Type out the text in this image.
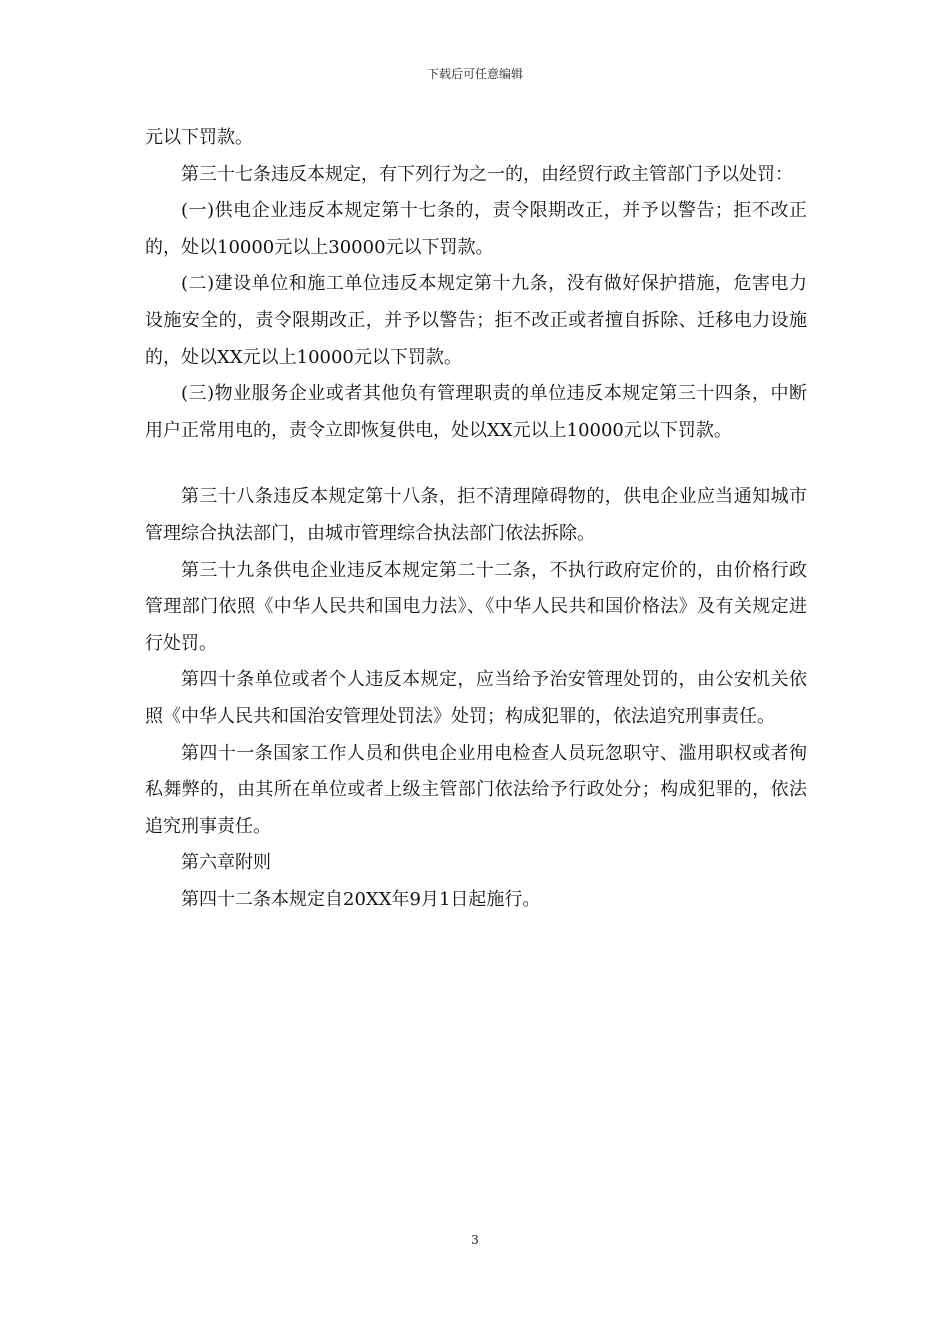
下载后可任意编辑

元以下罚款。

第三十七条违反本规定，有下列行为之一的，由经贸行政主管部门予以处罚：

(一)供电企业违反本规定第十七条的，责令限期改正，并予以警告；拒不改正的，处以10000元以上30000元以下罚款。

(二)建设单位和施工单位违反本规定第十九条，没有做好保护措施，危害电力设施安全的，责令限期改正，并予以警告；拒不改正或者擅自拆除、迁移电力设施的，处以XX元以上10000元以下罚款。

(三)物业服务企业或者其他负有管理职责的单位违反本规定第三十四条，中断用户正常用电的，责令立即恢复供电，处以XX元以上10000元以下罚款。

第三十八条违反本规定第十八条，拒不清理障碍物的，供电企业应当通知城市管理综合执法部门，由城市管理综合执法部门依法拆除。

第三十九条供电企业违反本规定第二十二条，不执行政府定价的，由价格行政管理部门依照《中华人民共和国电力法》、《中华人民共和国价格法》及有关规定进行处罚。

第四十条单位或者个人违反本规定，应当给予治安管理处罚的，由公安机关依照《中华人民共和国治安管理处罚法》处罚；构成犯罪的，依法追究刑事责任。

第四十一条国家工作人员和供电企业用电检查人员玩忽职守、滥用职权或者徇私舞弊的，由其所在单位或者上级主管部门依法给予行政处分；构成犯罪的，依法追究刑事责任。

第六章附则

第四十二条本规定自20XX年9月1日起施行。

3
